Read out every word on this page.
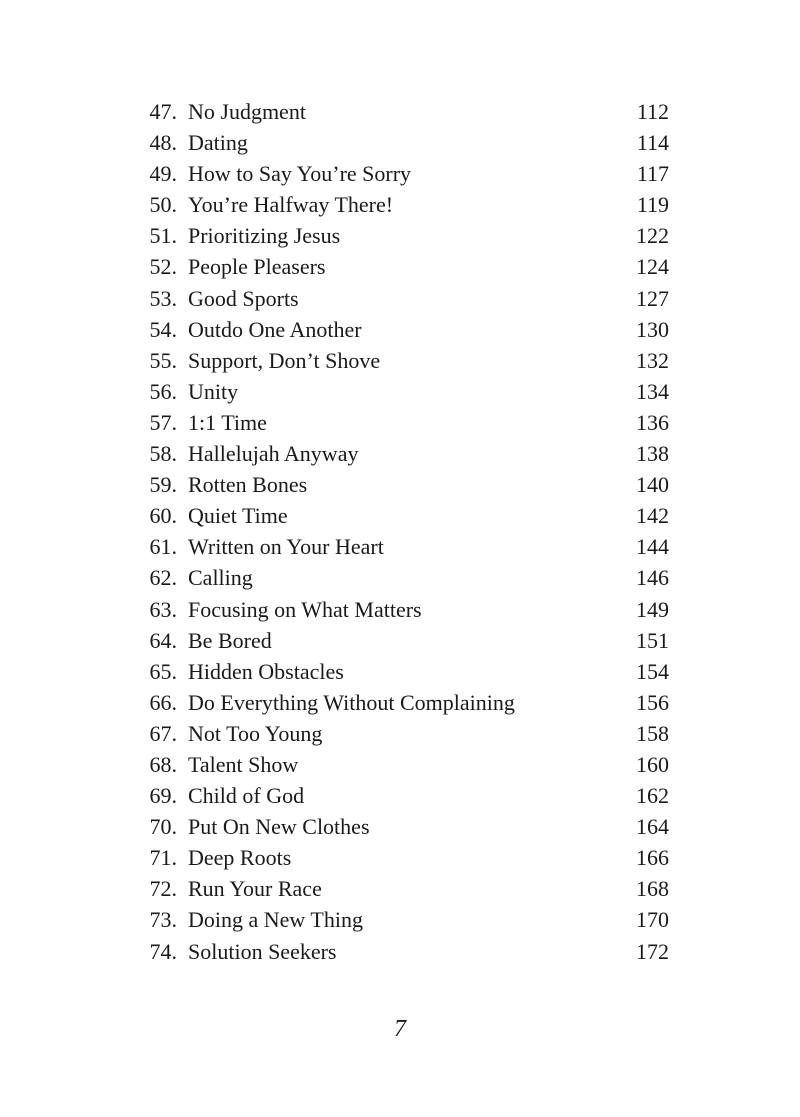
47. No Judgment	112
48. Dating	114
49. How to Say You’re Sorry	117
50. You’re Halfway There!	119
51. Prioritizing Jesus	122
52. People Pleasers	124
53. Good Sports	127
54. Outdo One Another	130
55. Support, Don’t Shove	132
56. Unity	134
57. 1:1 Time	136
58. Hallelujah Anyway	138
59. Rotten Bones	140
60. Quiet Time	142
61. Written on Your Heart	144
62. Calling	146
63. Focusing on What Matters	149
64. Be Bored	151
65. Hidden Obstacles	154
66. Do Everything Without Complaining	156
67. Not Too Young	158
68. Talent Show	160
69. Child of God	162
70. Put On New Clothes	164
71. Deep Roots	166
72. Run Your Race	168
73. Doing a New Thing	170
74. Solution Seekers	172
7
